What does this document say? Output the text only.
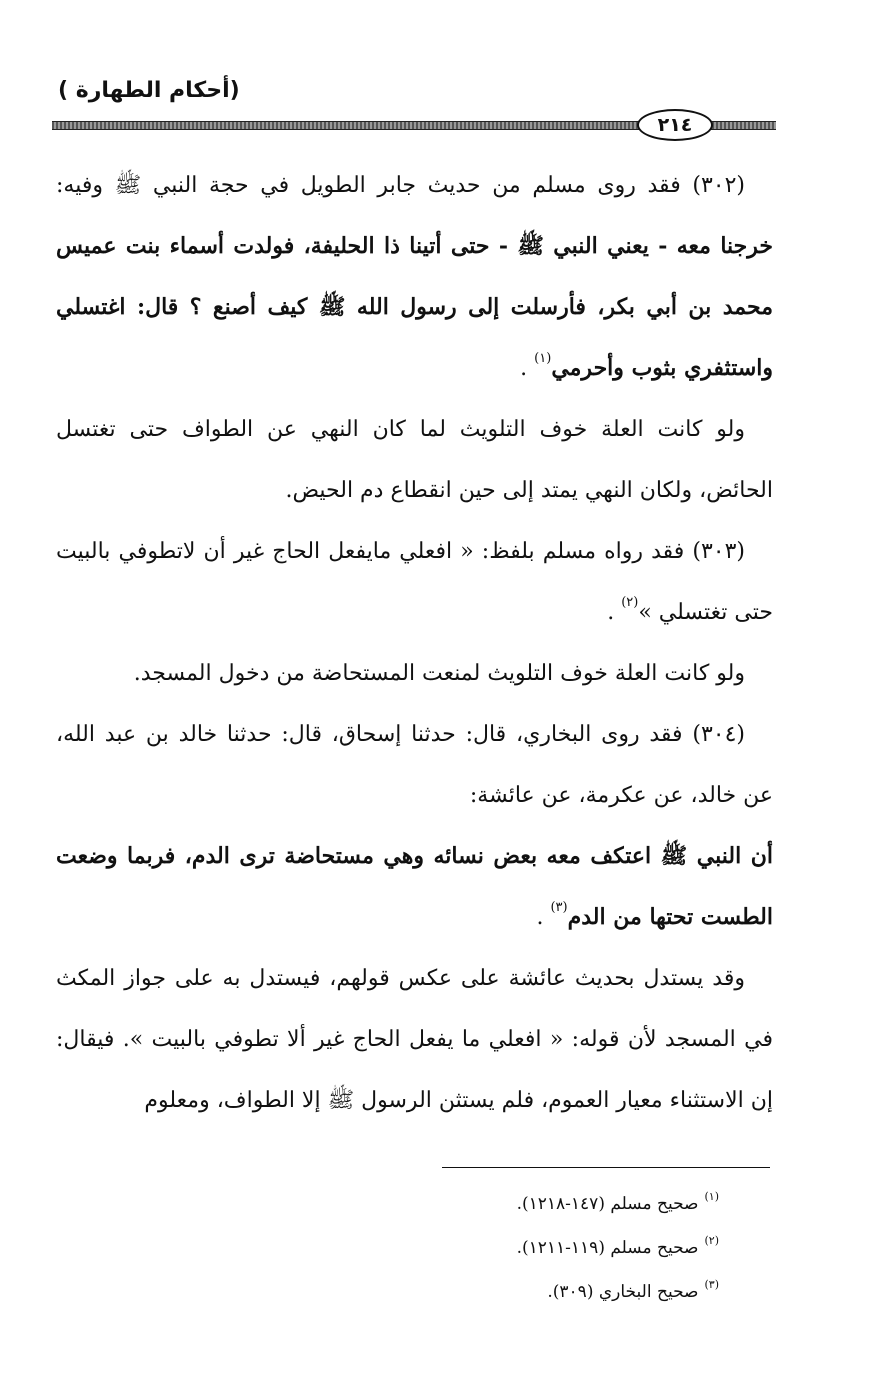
(أحكام الطهارة )
٢١٤

(٣٠٢) فقد روى مسلم من حديث جابر الطويل في حجة النبي ﷺ وفيه: خرجنا معه - يعني النبي ﷺ - حتى أتينا ذا الحليفة، فولدت أسماء بنت عميس محمد بن أبي بكر، فأرسلت إلى رسول الله ﷺ كيف أصنع ؟ قال: اغتسلي واستثفري بثوب وأحرمي$^{(١)}$ .

ولو كانت العلة خوف التلويث لما كان النهي عن الطواف حتى تغتسل الحائض، ولكان النهي يمتد إلى حين انقطاع دم الحيض.

(٣٠٣) فقد رواه مسلم بلفظ: « افعلي مايفعل الحاج غير أن لاتطوفي بالبيت حتى تغتسلي »$^{(٢)}$ .

ولو كانت العلة خوف التلويث لمنعت المستحاضة من دخول المسجد.

(٣٠٤) فقد روى البخاري، قال: حدثنا إسحاق، قال: حدثنا خالد بن عبد الله، عن خالد، عن عكرمة، عن عائشة:

أن النبي ﷺ اعتكف معه بعض نسائه وهي مستحاضة ترى الدم، فربما وضعت الطست تحتها من الدم$^{(٣)}$ .

وقد يستدل بحديث عائشة على عكس قولهم، فيستدل به على جواز المكث في المسجد لأن قوله: « افعلي ما يفعل الحاج غير ألا تطوفي بالبيت ». فيقال: إن الاستثناء معيار العموم، فلم يستثن الرسول ﷺ إلا الطواف، ومعلوم

$^{(١)}$صحيح مسلم (١٤٧-١٢١٨).
$^{(٢)}$صحيح مسلم (١١٩-١٢١١).
$^{(٣)}$صحيح البخاري (٣٠٩).
